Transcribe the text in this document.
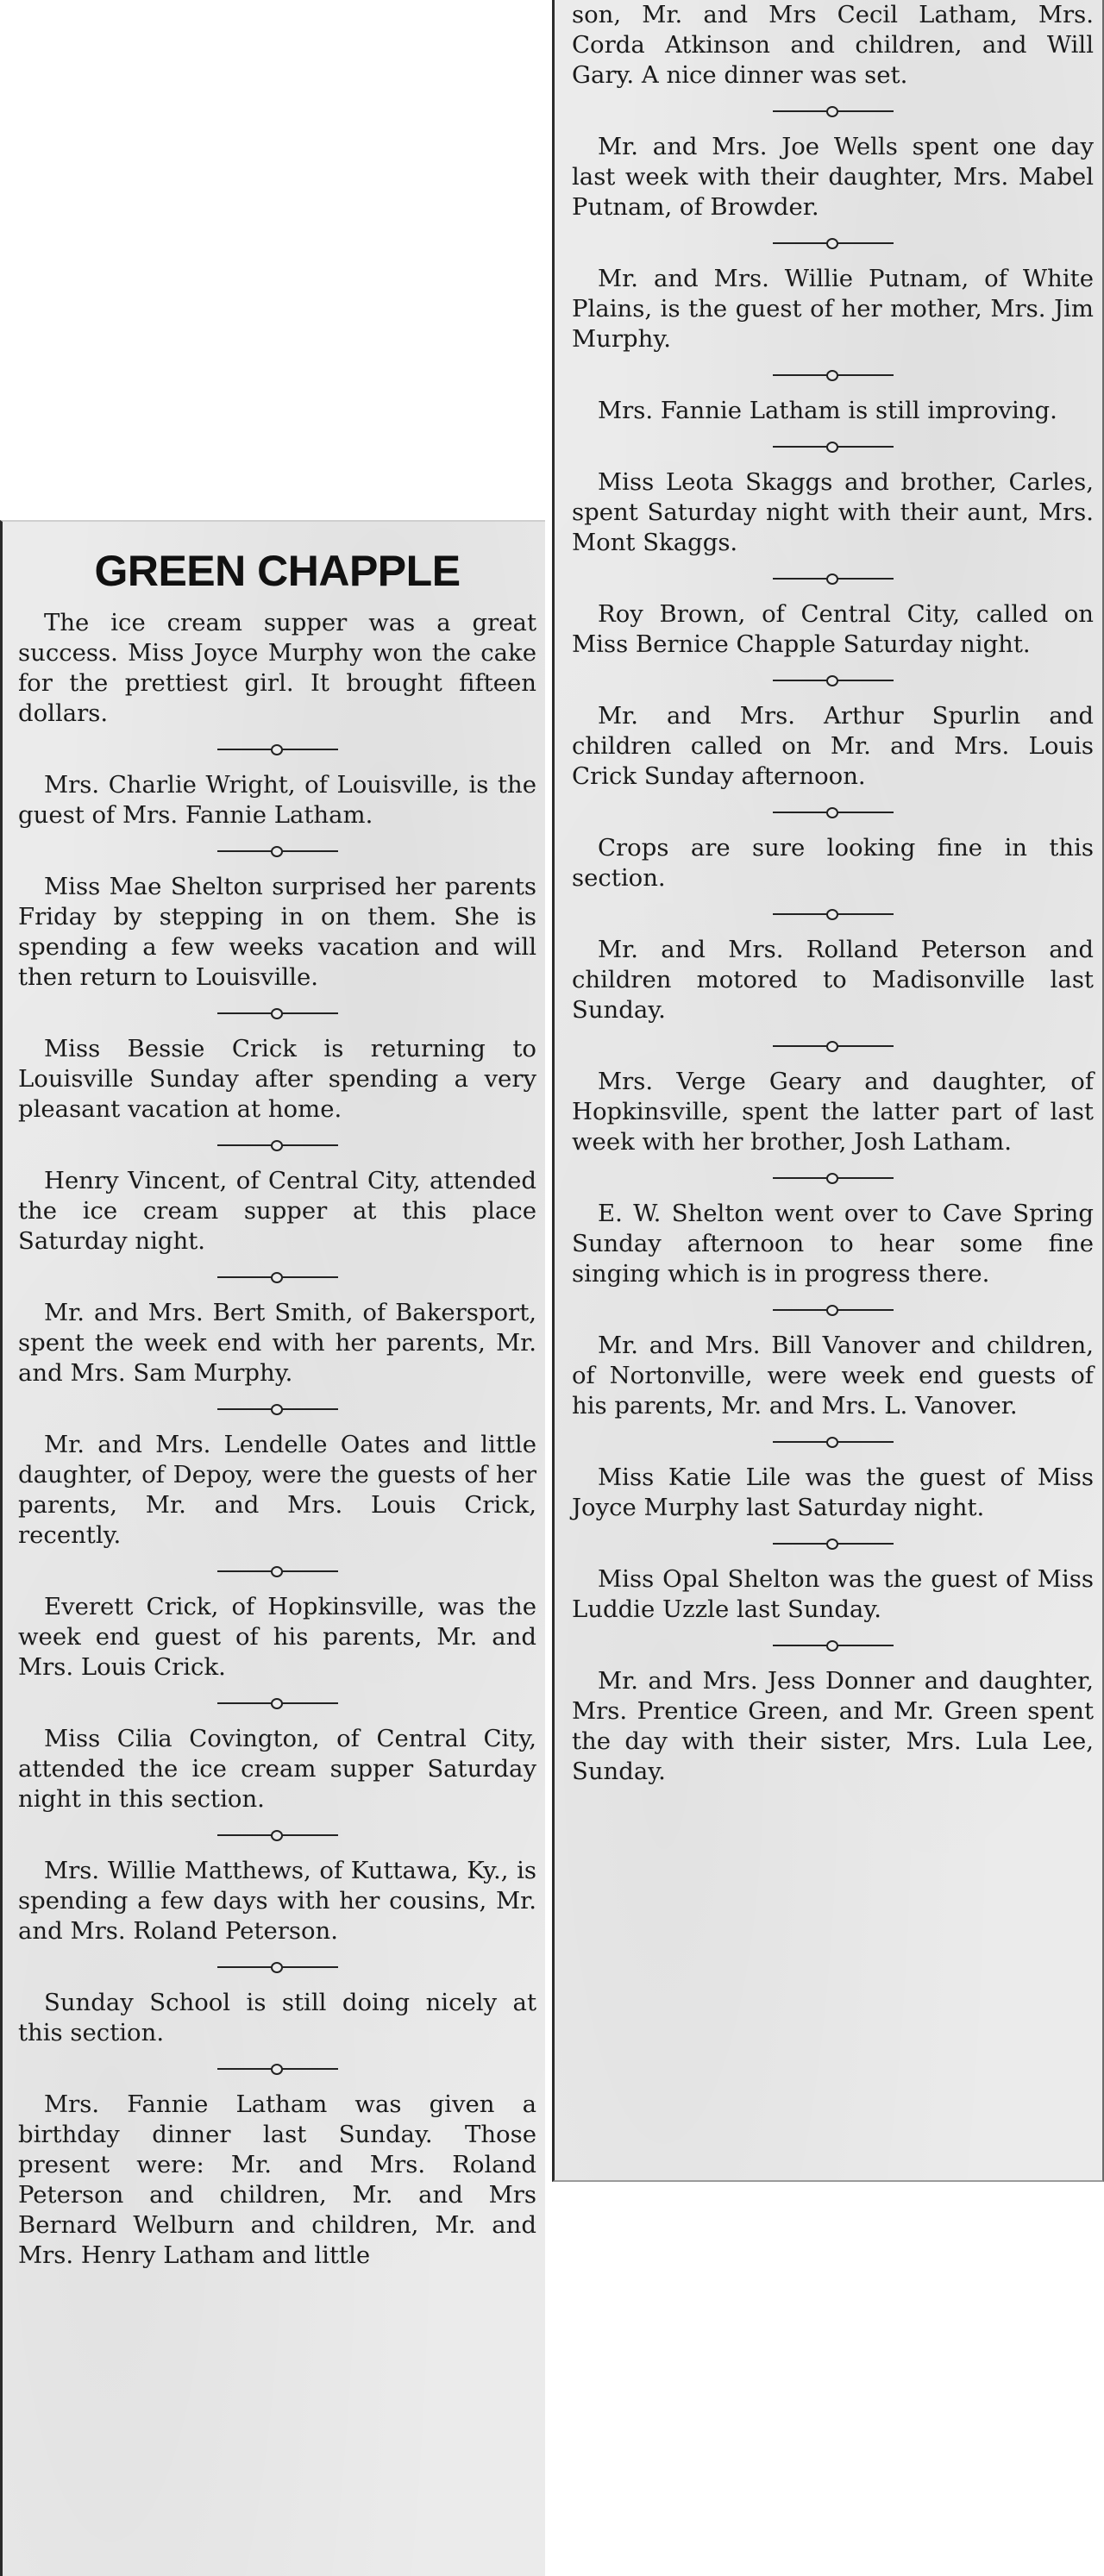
GREEN CHAPPLE

The ice cream supper was a great success. Miss Joyce Murphy won the cake for the prettiest girl. It brought fifteen dollars.

Mrs. Charlie Wright, of Louisville, is the guest of Mrs. Fannie Latham.

Miss Mae Shelton surprised her parents Friday by stepping in on them. She is spending a few weeks vacation and will then return to Louisville.

Miss Bessie Crick is returning to Louisville Sunday after spending a very pleasant vacation at home.

Henry Vincent, of Central City, attended the ice cream supper at this place Saturday night.

Mr. and Mrs. Bert Smith, of Bakersport, spent the week end with her parents, Mr. and Mrs. Sam Murphy.

Mr. and Mrs. Lendelle Oates and little daughter, of Depoy, were the guests of her parents, Mr. and Mrs. Louis Crick, recently.

Everett Crick, of Hopkinsville, was the week end guest of his parents, Mr. and Mrs. Louis Crick.

Miss Cilia Covington, of Central City, attended the ice cream supper Saturday night in this section.

Mrs. Willie Matthews, of Kuttawa, Ky., is spending a few days with her cousins, Mr. and Mrs. Roland Peterson.

Sunday School is still doing nicely at this section.

Mrs. Fannie Latham was given a birthday dinner last Sunday. Those present were: Mr. and Mrs. Roland Peterson and children, Mr. and Mrs Bernard Welburn and children, Mr. and Mrs. Henry Latham and little

son, Mr. and Mrs Cecil Latham, Mrs. Corda Atkinson and children, and Will Gary. A nice dinner was set.

Mr. and Mrs. Joe Wells spent one day last week with their daughter, Mrs. Mabel Putnam, of Browder.

Mr. and Mrs. Willie Putnam, of White Plains, is the guest of her mother, Mrs. Jim Murphy.

Mrs. Fannie Latham is still improving.

Miss Leota Skaggs and brother, Carles, spent Saturday night with their aunt, Mrs. Mont Skaggs.

Roy Brown, of Central City, called on Miss Bernice Chapple Saturday night.

Mr. and Mrs. Arthur Spurlin and children called on Mr. and Mrs. Louis Crick Sunday afternoon.

Crops are sure looking fine in this section.

Mr. and Mrs. Rolland Peterson and children motored to Madisonville last Sunday.

Mrs. Verge Geary and daughter, of Hopkinsville, spent the latter part of last week with her brother, Josh Latham.

E. W. Shelton went over to Cave Spring Sunday afternoon to hear some fine singing which is in progress there.

Mr. and Mrs. Bill Vanover and children, of Nortonville, were week end guests of his parents, Mr. and Mrs. L. Vanover.

Miss Katie Lile was the guest of Miss Joyce Murphy last Saturday night.

Miss Opal Shelton was the guest of Miss Luddie Uzzle last Sunday.

Mr. and Mrs. Jess Donner and daughter, Mrs. Prentice Green, and Mr. Green spent the day with their sister, Mrs. Lula Lee, Sunday.
